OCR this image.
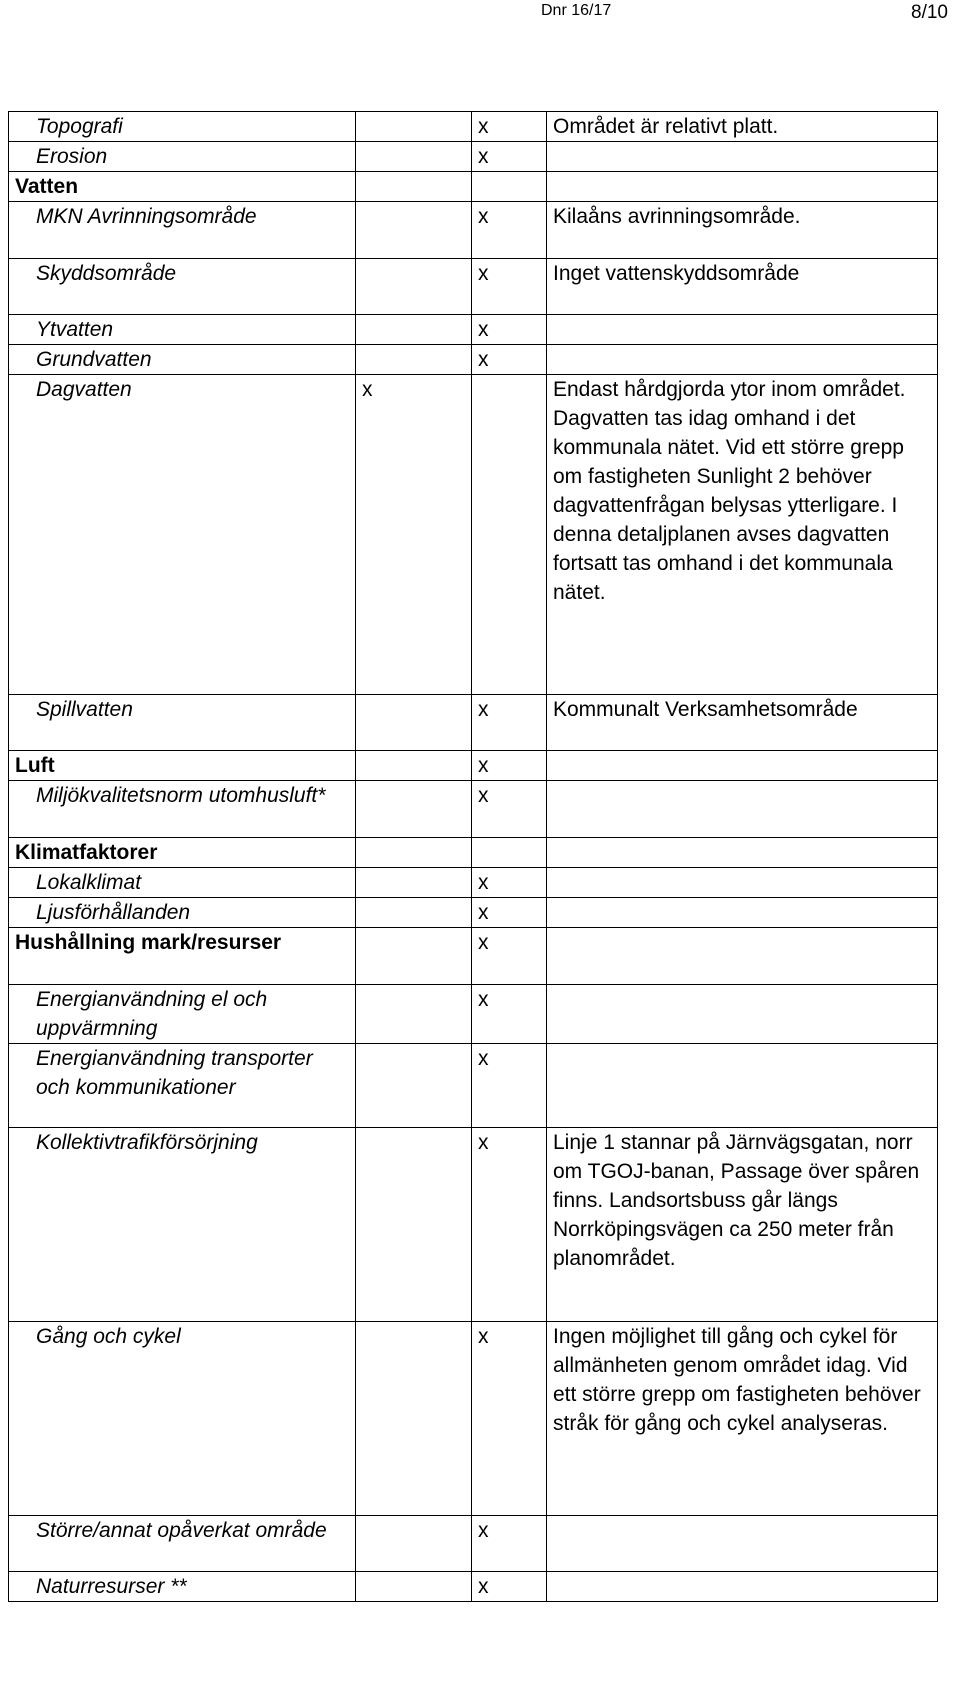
Dnr 16/17	8/10
Topografi		x	Området är relativt platt.
Erosion		x	
Vatten			
MKN Avrinningsområde		x	Kilaåns avrinningsområde.
Skyddsområde		x	Inget vattenskyddsområde
Ytvatten		x	
Grundvatten		x	
Dagvatten	x		Endast hårdgjorda ytor inom området. Dagvatten tas idag omhand i det kommunala nätet. Vid ett större grepp om fastigheten Sunlight 2 behöver dagvattenfrågan belysas ytterligare. I denna detaljplanen avses dagvatten fortsatt tas omhand i det kommunala nätet.
Spillvatten		x	Kommunalt Verksamhetsområde
Luft		x	
Miljökvalitetsnorm utomhusluft*		x	
Klimatfaktorer			
Lokalklimat		x	
Ljusförhållanden		x	
Hushållning mark/resurser		x	
Energianvändning el och uppvärmning		x	
Energianvändning transporter och kommunikationer		x	
Kollektivtrafikförsörjning		x	Linje 1 stannar på Järnvägsgatan, norr om TGOJ-banan, Passage över spåren finns. Landsortsbuss går längs Norrköpingsvägen ca 250 meter från planområdet.
Gång och cykel		x	Ingen möjlighet till gång och cykel för allmänheten genom området idag. Vid ett större grepp om fastigheten behöver stråk för gång och cykel analyseras.
Större/annat opåverkat område		x	
Naturresurser **		x	
